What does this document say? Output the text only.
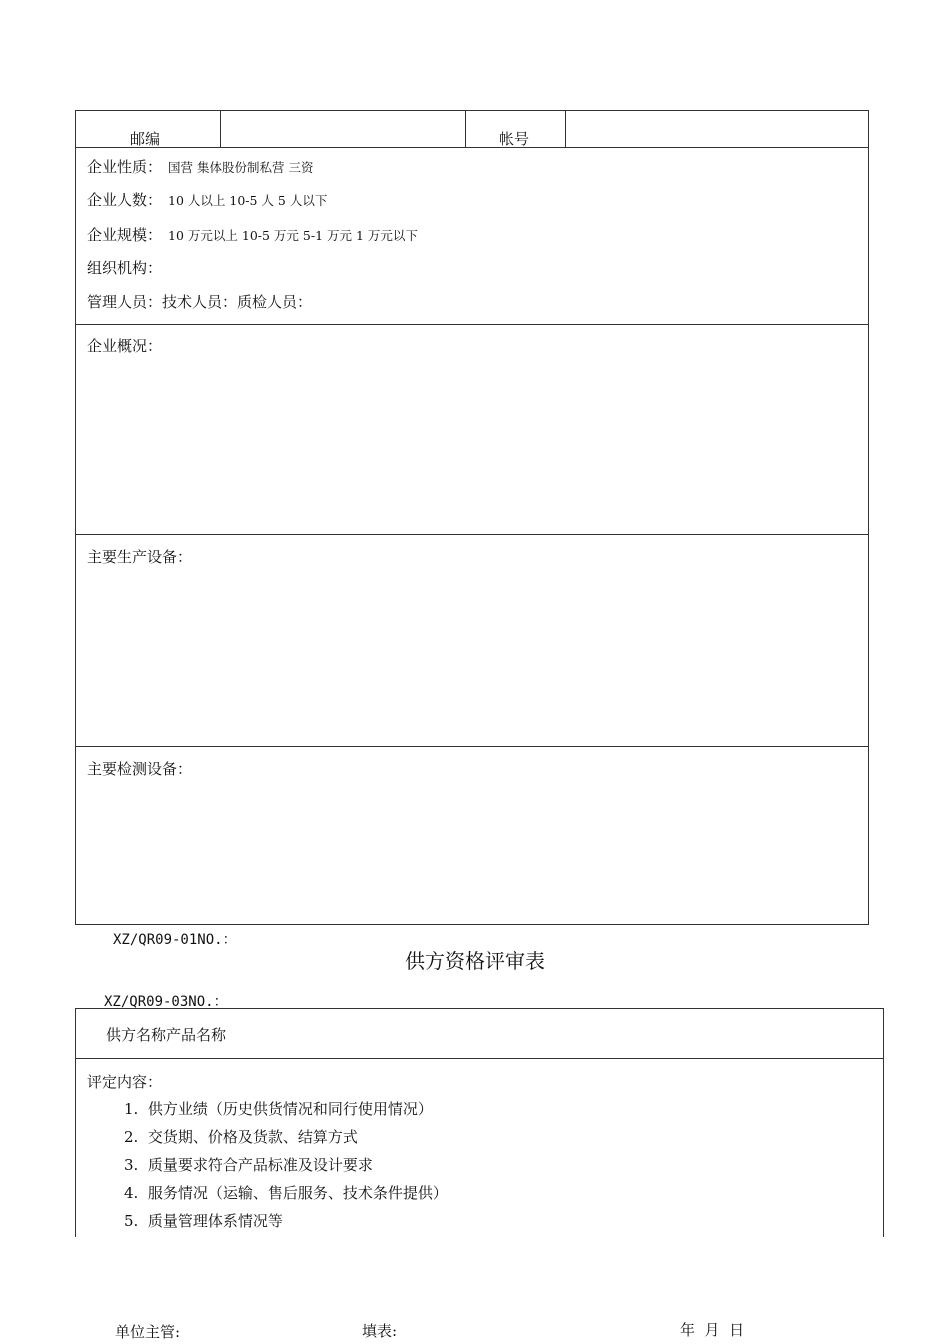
邮编	帐号
企业性质： 国营 集体股份制私营 三资
企业人数： 10 人以上 10-5 人 5 人以下
企业规模： 10 万元以上 10-5 万元 5-1 万元 1 万元以下
组织机构：
管理人员：技术人员：质检人员：
企业概况：
主要生产设备：
主要检测设备：
XZ/QR09-01NO.：
供方资格评审表
XZ/QR09-03NO.：
供方名称产品名称
评定内容：
1.  供方业绩（历史供货情况和同行使用情况）
2.  交货期、价格及货款、结算方式
3.  质量要求符合产品标准及设计要求
4.  服务情况（运输、售后服务、技术条件提供）
5.  质量管理体系情况等
单位主管:	填表:	年  月  日
